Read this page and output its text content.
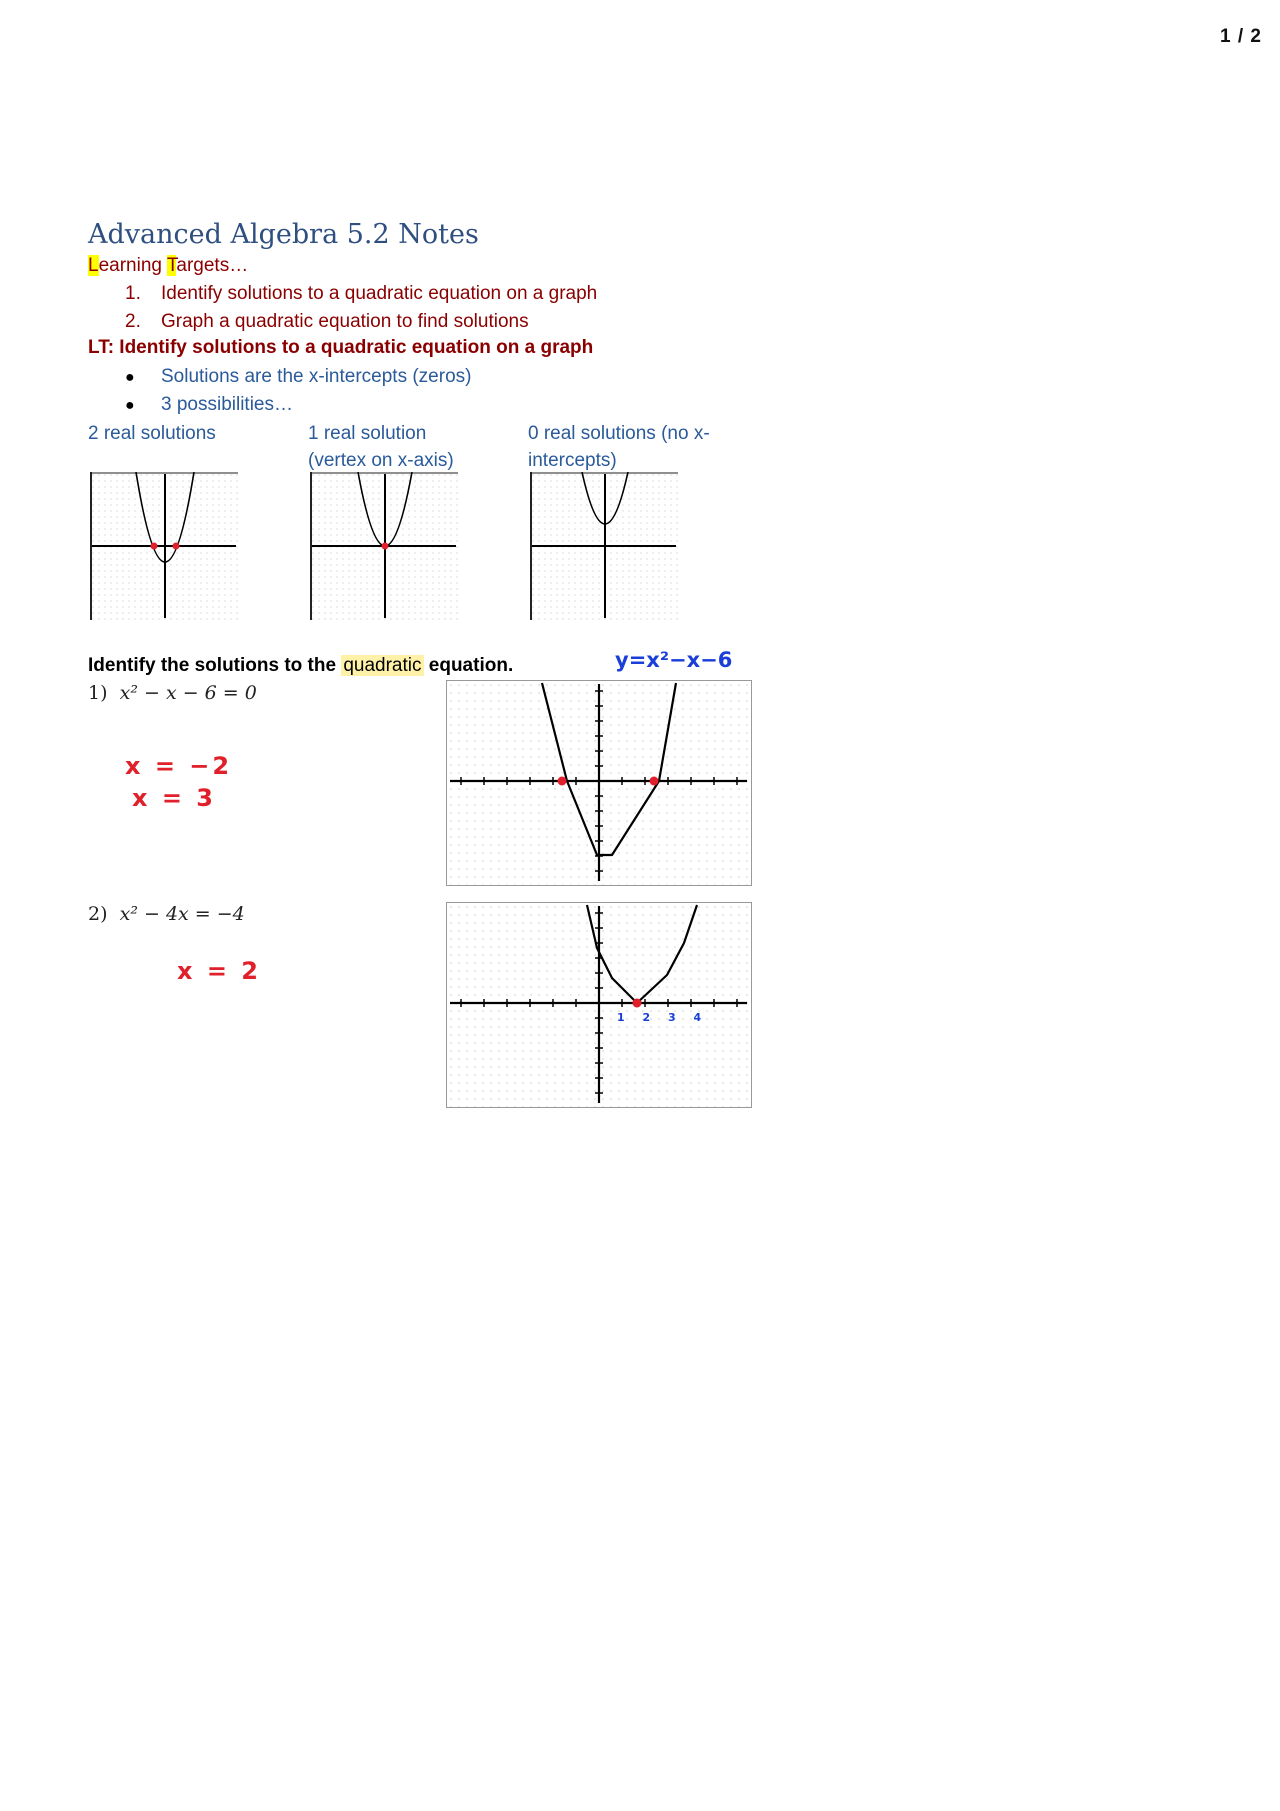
1 / 2
Advanced Algebra 5.2 Notes
Learning Targets…
1. Identify solutions to a quadratic equation on a graph
2. Graph a quadratic equation to find solutions
LT: Identify solutions to a quadratic equation on a graph
● Solutions are the x-intercepts (zeros)
● 3 possibilities…
2 real solutions	1 real solution (vertex on x-axis)
0 real solutions (no x-intercepts)
Identify the solutions to the quadratic equation.	y=x²−x−6
1) x² − x − 6 = 0
x = −2
x = 3
2) x² − 4x = −4
x = 2
1 2 3 4
